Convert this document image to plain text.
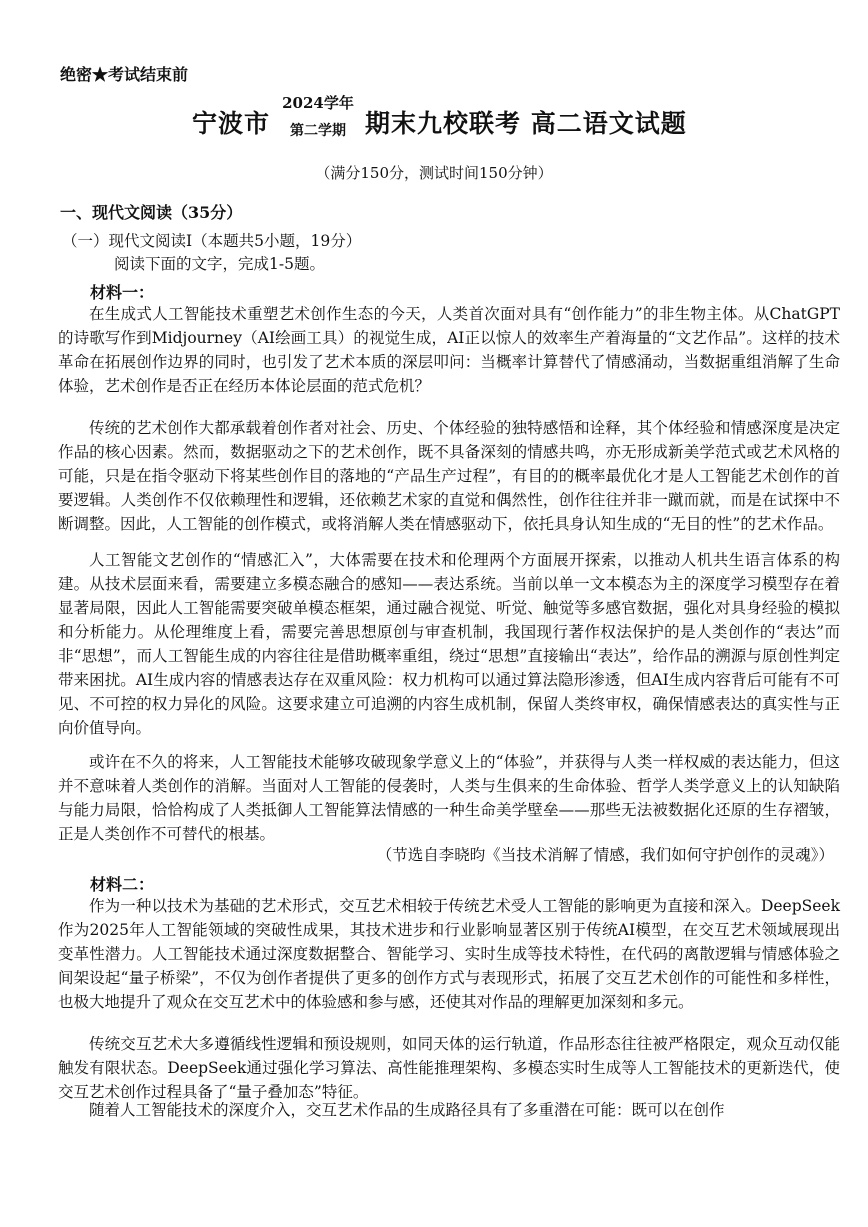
绝密★考试结束前
宁波市
2024学年
第二学期 期末九校联考 高二语文试题
（满分150分，测试时间150分钟）
一、现代文阅读（35分）
（一）现代文阅读Ⅰ（本题共5小题，19分）
阅读下面的文字，完成1-5题。
材料一：

在生成式人工智能技术重塑艺术创作生态的今天，人类首次面对具有“创作能力”的非生物主体。从ChatGPT的诗歌写作到Midjourney（AI绘画工具）的视觉生成，AI正以惊人的效率生产着海量的“文艺作品”。这样的技术革命在拓展创作边界的同时，也引发了艺术本质的深层叩问：当概率计算替代了情感涌动，当数据重组消解了生命体验，艺术创作是否正在经历本体论层面的范式危机？

传统的艺术创作大都承载着创作者对社会、历史、个体经验的独特感悟和诠释，其个体经验和情感深度是决定作品的核心因素。然而，数据驱动之下的艺术创作，既不具备深刻的情感共鸣，亦无形成新美学范式或艺术风格的可能，只是在指令驱动下将某些创作目的落地的“产品生产过程”，有目的的概率最优化才是人工智能艺术创作的首要逻辑。人类创作不仅依赖理性和逻辑，还依赖艺术家的直觉和偶然性，创作往往并非一蹴而就，而是在试探中不断调整。因此，人工智能的创作模式，或将消解人类在情感驱动下，依托具身认知生成的“无目的性”的艺术作品。

人工智能文艺创作的“情感汇入”，大体需要在技术和伦理两个方面展开探索，以推动人机共生语言体系的构建。从技术层面来看，需要建立多模态融合的感知——表达系统。当前以单一文本模态为主的深度学习模型存在着显著局限，因此人工智能需要突破单模态框架，通过融合视觉、听觉、触觉等多感官数据，强化对具身经验的模拟和分析能力。从伦理维度上看，需要完善思想原创与审查机制，我国现行著作权法保护的是人类创作的“表达”而非“思想”，而人工智能生成的内容往往是借助概率重组，绕过“思想”直接输出“表达”，给作品的溯源与原创性判定带来困扰。AI生成内容的情感表达存在双重风险：权力机构可以通过算法隐形渗透，但AI生成内容背后可能有不可见、不可控的权力异化的风险。这要求建立可追溯的内容生成机制，保留人类终审权，确保情感表达的真实性与正向价值导向。

或许在不久的将来，人工智能技术能够攻破现象学意义上的“体验”，并获得与人类一样权威的表达能力，但这并不意味着人类创作的消解。当面对人工智能的侵袭时，人类与生俱来的生命体验、哲学人类学意义上的认知缺陷与能力局限，恰恰构成了人类抵御人工智能算法情感的一种生命美学壁垒——那些无法被数据化还原的生存褶皱，正是人类创作不可替代的根基。

（节选自李晓昀《当技术消解了情感，我们如何守护创作的灵魂》）
材料二：

作为一种以技术为基础的艺术形式，交互艺术相较于传统艺术受人工智能的影响更为直接和深入。DeepSeek作为2025年人工智能领域的突破性成果，其技术进步和行业影响显著区别于传统AI模型，在交互艺术领域展现出变革性潜力。人工智能技术通过深度数据整合、智能学习、实时生成等技术特性，在代码的离散逻辑与情感体验之间架设起“量子桥梁”，不仅为创作者提供了更多的创作方式与表现形式，拓展了交互艺术创作的可能性和多样性，也极大地提升了观众在交互艺术中的体验感和参与感，还使其对作品的理解更加深刻和多元。

传统交互艺术大多遵循线性逻辑和预设规则，如同天体的运行轨道，作品形态往往被严格限定，观众互动仅能触发有限状态。DeepSeek通过强化学习算法、高性能推理架构、多模态实时生成等人工智能技术的更新迭代，使交互艺术创作过程具备了“量子叠加态”特征。

随着人工智能技术的深度介入，交互艺术作品的生成路径具有了多重潜在可能：既可以在创作
